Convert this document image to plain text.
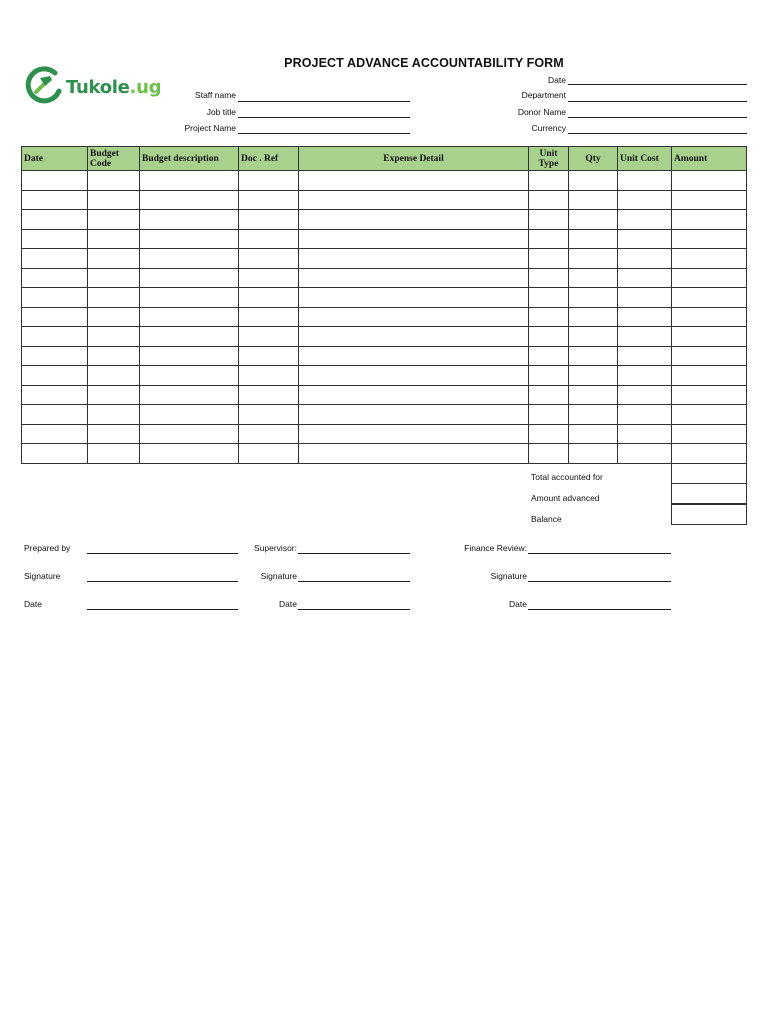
Tukole.ug
PROJECT ADVANCE ACCOUNTABILITY FORM
Staff name
Job title
Project Name
Date
Department
Donor Name
Currency
Date	Budget Code	Budget description	Doc . Ref	Expense Detail	Unit Type	Qty	Unit Cost	Amount

Total accounted for
Amount advanced
Balance
Prepared by
Signature
Date
Supervisor:
Signature
Date
Finance Review:
Signature
Date
